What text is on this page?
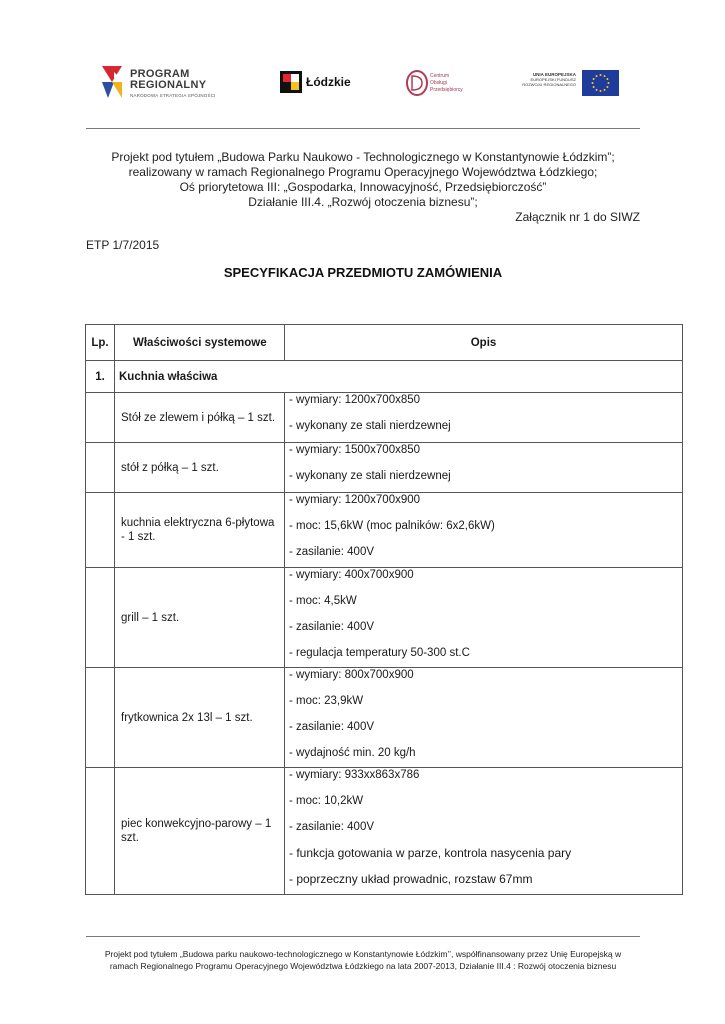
PROGRAM
REGIONALNY
NARODOWA STRATEGIA SPÓJNOŚCI
Łódzkie	Centrum
Obsługi
Przedsiębiorcy
UNIA EUROPEJSKA
EUROPEJSKI FUNDUSZ
ROZWOJU REGIONALNEGO
Projekt pod tytułem „Budowa Parku Naukowo - Technologicznego w Konstantynowie Łódzkim”;
realizowany w ramach Regionalnego Programu Operacyjnego Województwa Łódzkiego;
Oś priorytetowa III: „Gospodarka, Innowacyjność, Przedsiębiorczość”
Działanie III.4. „Rozwój otoczenia biznesu”;
Załącznik nr 1 do SIWZ
ETP 1/7/2015
SPECYFIKACJA PRZEDMIOTU ZAMÓWIENIA
Lp.	Właściwości systemowe	Opis
1.	Kuchnia właściwa	
	Stół ze zlewem i półką – 1 szt.	- wymiary: 1200x700x850
- wykonany ze stali nierdzewnej

	stół z półką – 1 szt.	- wymiary: 1500x700x850
- wykonany ze stali nierdzewnej

	kuchnia elektryczna 6-płytowa - 1 szt.	- wymiary: 1200x700x900
- moc: 15,6kW (moc palników: 6x2,6kW)
- zasilanie: 400V

	grill – 1 szt.	- wymiary: 400x700x900
- moc: 4,5kW
- zasilanie: 400V
- regulacja temperatury 50-300 st.C

	frytkownica 2x 13l – 1 szt.	- wymiary: 800x700x900
- moc: 23,9kW
- zasilanie: 400V
- wydajność min. 20 kg/h

	piec konwekcyjno-parowy – 1 szt.	- wymiary: 933xx863x786
- moc: 10,2kW
- zasilanie: 400V
- funkcja gotowania w parze, kontrola nasycenia pary
- poprzeczny układ prowadnic, rozstaw 67mm
Projekt pod tytułem „Budowa parku naukowo-technologicznego w Konstantynowie Łódzkim’’, współfinansowany przez Unię Europejską w
ramach Regionalnego Programu Operacyjnego Województwa Łódzkiego na lata 2007-2013, Działanie III.4 : Rozwój otoczenia biznesu
